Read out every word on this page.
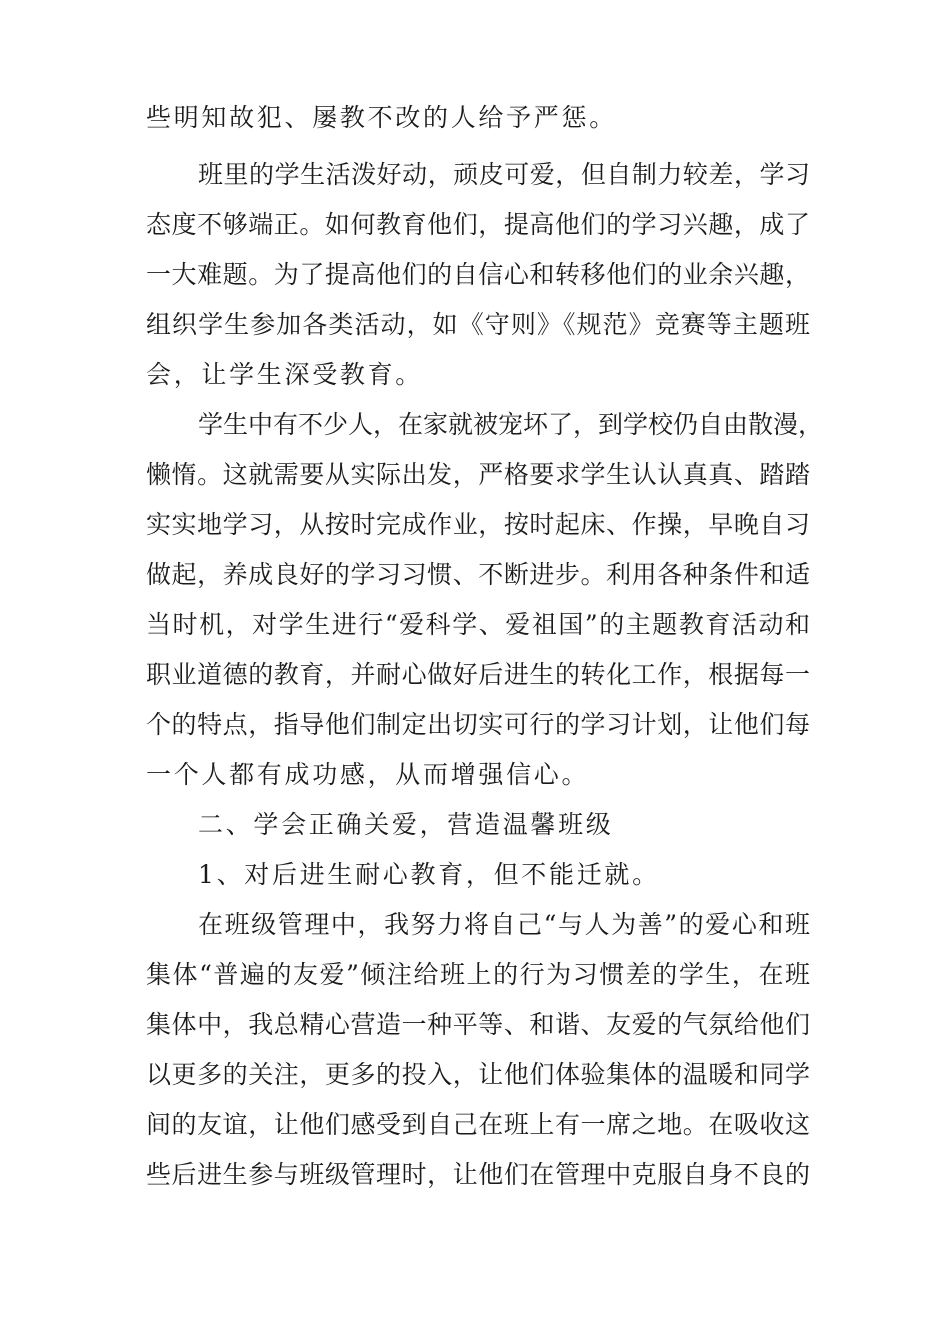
些明知故犯、屡教不改的人给予严惩。
班里的学生活泼好动，顽皮可爱，但自制力较差，学习
态度不够端正。如何教育他们，提高他们的学习兴趣，成了
一大难题。为了提高他们的自信心和转移他们的业余兴趣，
组织学生参加各类活动，如《守则》《规范》竞赛等主题班
会，让学生深受教育。
学生中有不少人，在家就被宠坏了，到学校仍自由散漫，
懒惰。这就需要从实际出发，严格要求学生认认真真、踏踏
实实地学习，从按时完成作业，按时起床、作操，早晚自习
做起，养成良好的学习习惯、不断进步。利用各种条件和适
当时机，对学生进行“爱科学、爱祖国”的主题教育活动和
职业道德的教育，并耐心做好后进生的转化工作，根据每一
个的特点，指导他们制定出切实可行的学习计划，让他们每
一个人都有成功感，从而增强信心。
二、学会正确关爱，营造温馨班级
1、对后进生耐心教育，但不能迁就。
在班级管理中，我努力将自己“与人为善”的爱心和班
集体“普遍的友爱”倾注给班上的行为习惯差的学生，在班
集体中，我总精心营造一种平等、和谐、友爱的气氛给他们
以更多的关注，更多的投入，让他们体验集体的温暖和同学
间的友谊，让他们感受到自己在班上有一席之地。在吸收这
些后进生参与班级管理时，让他们在管理中克服自身不良的
